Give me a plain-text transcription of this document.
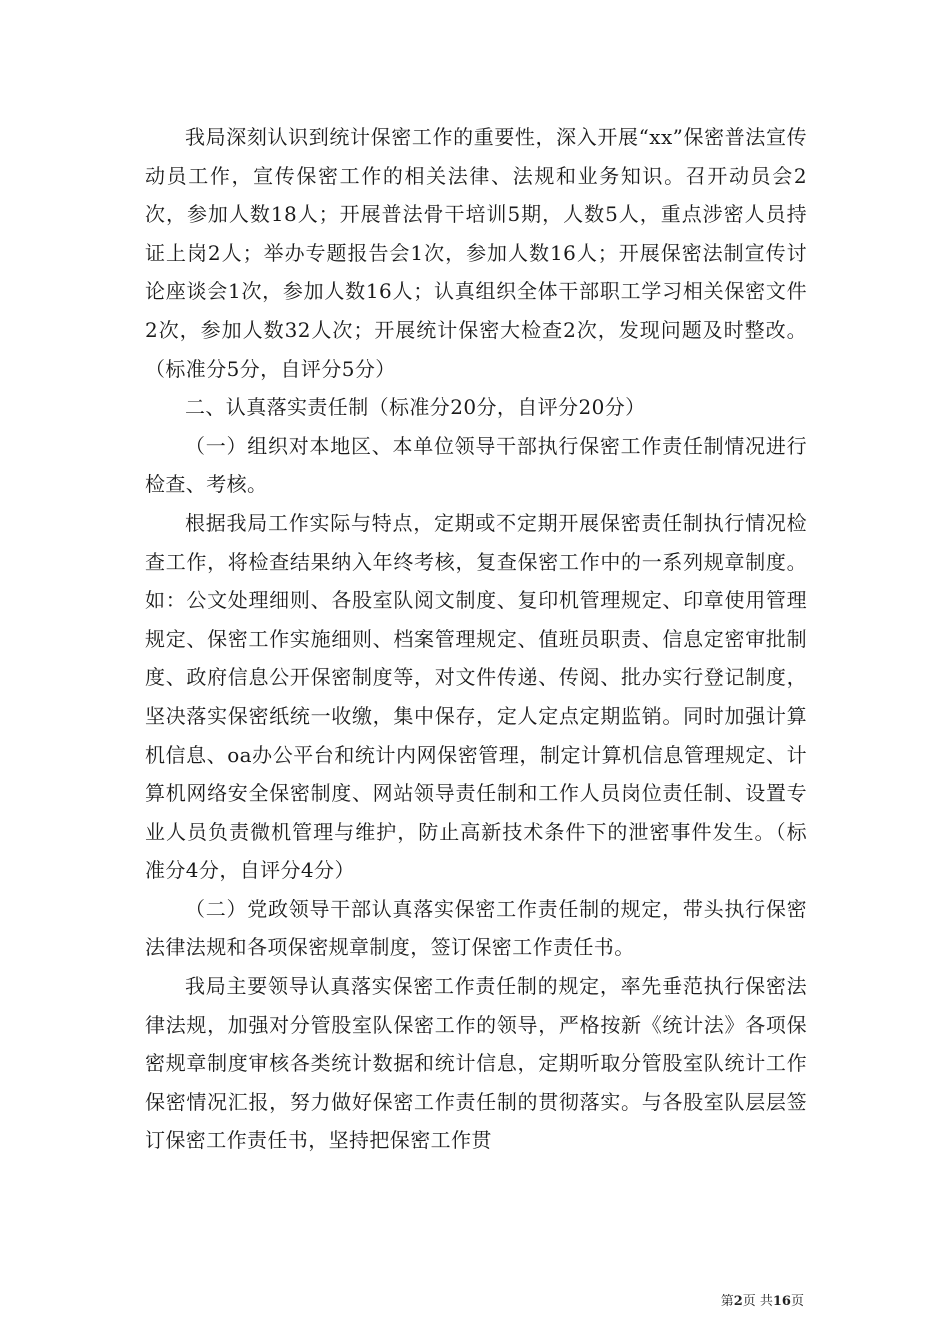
我局深刻认识到统计保密工作的重要性，深入开展“xx”保密普法宣传动员工作，宣传保密工作的相关法律、法规和业务知识。召开动员会2次，参加人数18人；开展普法骨干培训5期，人数5人，重点涉密人员持证上岗2人；举办专题报告会1次，参加人数16人；开展保密法制宣传讨论座谈会1次，参加人数16人；认真组织全体干部职工学习相关保密文件2次，参加人数32人次；开展统计保密大检查2次，发现问题及时整改。（标准分5分，自评分5分）

二、认真落实责任制（标准分20分，自评分20分）

（一）组织对本地区、本单位领导干部执行保密工作责任制情况进行检查、考核。

根据我局工作实际与特点，定期或不定期开展保密责任制执行情况检查工作，将检查结果纳入年终考核，复查保密工作中的一系列规章制度。如：公文处理细则、各股室队阅文制度、复印机管理规定、印章使用管理规定、保密工作实施细则、档案管理规定、值班员职责、信息定密审批制度、政府信息公开保密制度等，对文件传递、传阅、批办实行登记制度，坚决落实保密纸统一收缴，集中保存，定人定点定期监销。同时加强计算机信息、oa办公平台和统计内网保密管理，制定计算机信息管理规定、计算机网络安全保密制度、网站领导责任制和工作人员岗位责任制、设置专业人员负责微机管理与维护，防止高新技术条件下的泄密事件发生。（标准分4分，自评分4分）

（二）党政领导干部认真落实保密工作责任制的规定，带头执行保密法律法规和各项保密规章制度，签订保密工作责任书。

我局主要领导认真落实保密工作责任制的规定，率先垂范执行保密法律法规，加强对分管股室队保密工作的领导，严格按新《统计法》各项保密规章制度审核各类统计数据和统计信息，定期听取分管股室队统计工作保密情况汇报，努力做好保密工作责任制的贯彻落实。与各股室队层层签订保密工作责任书，坚持把保密工作贯

第2页 共16页
